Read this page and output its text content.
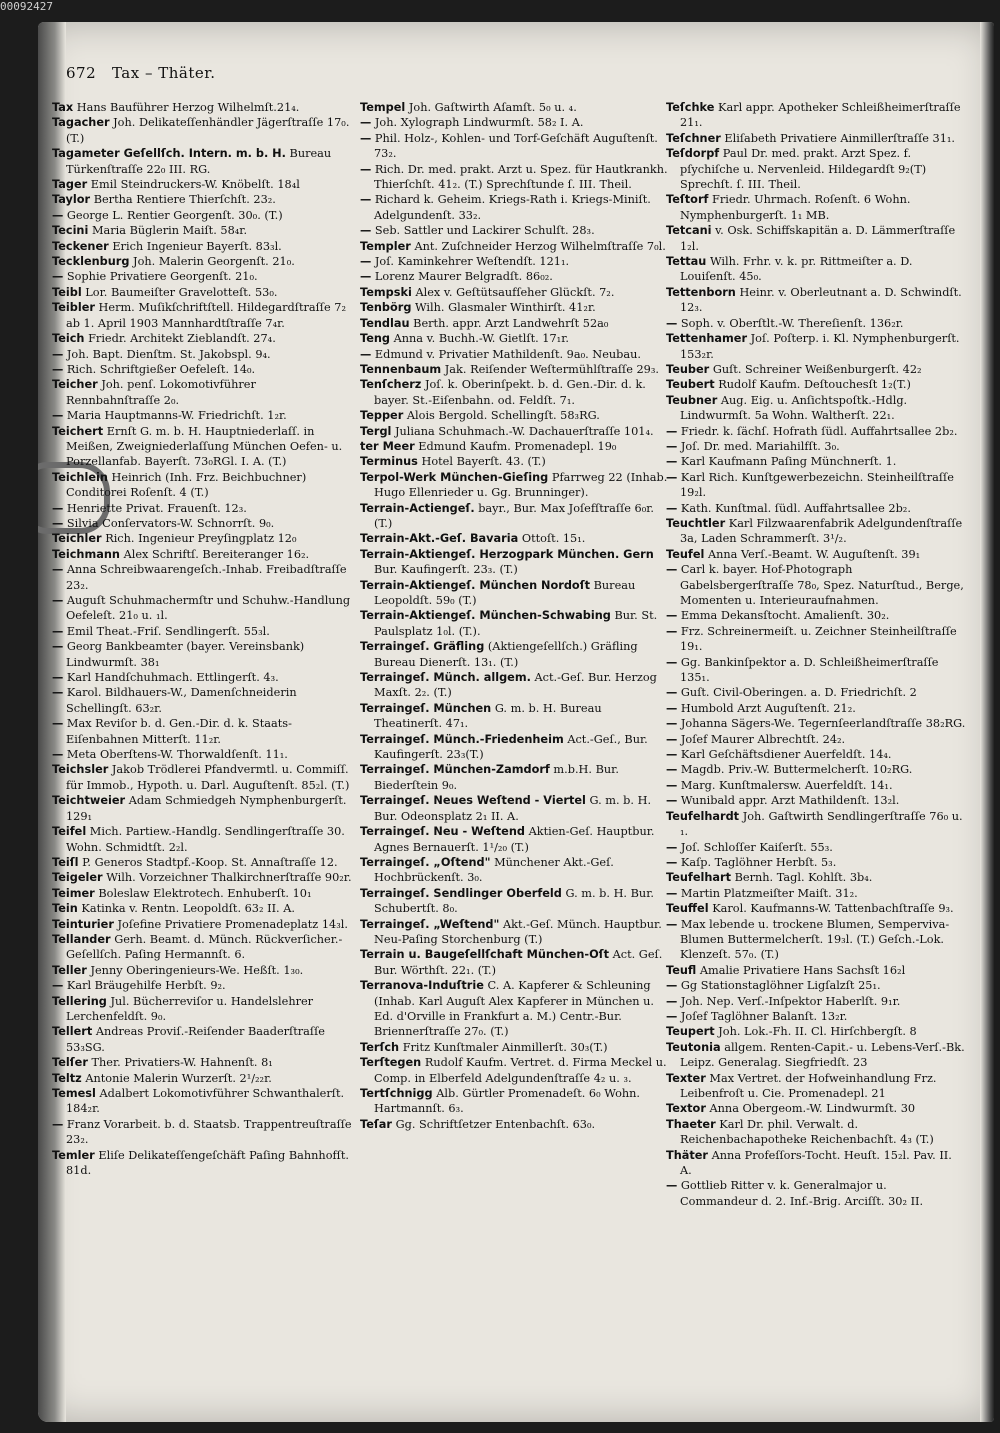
00092427
672 Tax – Thäter.

Tax Hans Bauführer Herzog Wilhelmſt.21₄.

Tagacher Joh. Delikateſſenhändler Jägerſtraſſe 17₀. (T.)

Tagameter Geſellſch. Intern. m. b. H. Bureau Türkenſtraſſe 22₀ III. RG.

Tager Emil Steindruckers-W. Knöbelſt. 18₄l

Taylor Bertha Rentiere Thierſchſt. 23₂.

— George L. Rentier Georgenſt. 30₀. (T.)

Tecini Maria Büglerin Maiſt. 58₄r.

Teckener Erich Ingenieur Bayerſt. 83₃l.

Tecklenburg Joh. Malerin Georgenſt. 21₀.

— Sophie Privatiere Georgenſt. 21₀.

Teibl Lor. Baumeiſter Gravelotteſt. 53₀.

Teibler Herm. Muſikſchriftſtell. Hildegardſtraſſe 7₂ ab 1. April 1903 Mannhardtſtraſſe 7₄r.

Teich Friedr. Architekt Zieblandſt. 27₄.

— Joh. Bapt. Dienſtm. St. Jakobspl. 9₄.

— Rich. Schriftgießer Oefeleſt. 14₀.

Teicher Joh. penſ. Lokomotivführer Rennbahnſtraſſe 2₀.

— Maria Hauptmanns-W. Friedrichſt. 1₂r.

Teichert Ernſt G. m. b. H. Hauptniederlaſſ. in Meißen, Zweigniederlaſſung München Oefen- u. Porzellanfab. Bayerſt. 73₀RGl. I. A. (T.)

Teichlein Heinrich (Inh. Frz. Beichbuchner) Conditorei Roſenſt. 4 (T.)

— Henriette Privat. Frauenſt. 12₃.

— Silvia Conſervators-W. Schnorrſt. 9₀.

Teichler Rich. Ingenieur Preyſingplatz 12₀

Teichmann Alex Schriftſ. Bereiteranger 16₂.

— Anna Schreibwaarengeſch.-Inhab. Freibadſtraſſe 23₂.

— Auguſt Schuhmachermſtr und Schuhw.-Handlung Oefeleſt. 21₀ u. ₁l.

— Emil Theat.-Friſ. Sendlingerſt. 55₃l.

— Georg Bankbeamter (bayer. Vereinsbank) Lindwurmſt. 38₁

— Karl Handſchuhmach. Ettlingerſt. 4₃.

— Karol. Bildhauers-W., Damenſchneiderin Schellingſt. 63₂r.

— Max Reviſor b. d. Gen.-Dir. d. k. Staats-Eiſenbahnen Mitterſt. 11₂r.

— Meta Oberſtens-W. Thorwaldſenſt. 11₁.

Teichsler Jakob Trödlerei Pfandvermtl. u. Commiſſ. für Immob., Hypoth. u. Darl. Auguſtenſt. 85₂l. (T.)

Teichtweier Adam Schmiedgeh Nymphenburgerſt. 129₁

Teifel Mich. Partiew.-Handlg. Sendlingerſtraſſe 30. Wohn. Schmidtſt. 2₂l.

Teiſl P. Generos Stadtpf.-Koop. St. Annaſtraſſe 12.

Teigeler Wilh. Vorzeichner Thalkirchnerſtraſſe 90₂r.

Teimer Boleslaw Elektrotech. Enhuberſt. 10₁

Tein Katinka v. Rentn. Leopoldſt. 63₂ II. A.

Teinturier Joſefine Privatiere Promenadeplatz 14₃l.

Tellander Gerh. Beamt. d. Münch. Rückverſicher.-Geſellſch. Paſing Hermannſt. 6.

Teller Jenny Oberingenieurs-We. Heßſt. 1₃₀.

— Karl Bräugehilfe Herbſt. 9₂.

Tellering Jul. Bücherreviſor u. Handelslehrer Lerchenfeldſt. 9₀.

Tellert Andreas Proviſ.-Reiſender Baaderſtraſſe 53₃SG.

Telſer Ther. Privatiers-W. Hahnenſt. 8₁

Teltz Antonie Malerin Wurzerſt. 2¹/₂₂r.

Temesl Adalbert Lokomotivführer Schwanthalerſt. 184₂r.

— Franz Vorarbeit. b. d. Staatsb. Trappentreuſtraſſe 23₂.

Temler Eliſe Delikateſſengeſchäft Paſing Bahnhofſt. 81d.

Tempel Joh. Gaſtwirth Aſamſt. 5₀ u. ₄.

— Joh. Xylograph Lindwurmſt. 58₂ I. A.

— Phil. Holz-, Kohlen- und Torf-Geſchäft Auguſtenſt. 73₂.

— Rich. Dr. med. prakt. Arzt u. Spez. für Hautkrankh. Thierſchſt. 41₂. (T.) Sprechſtunde ſ. III. Theil.

— Richard k. Geheim. Kriegs-Rath i. Kriegs-Miniſt. Adelgundenſt. 33₂.

— Seb. Sattler und Lackirer Schulſt. 28₃.

Templer Ant. Zuſchneider Herzog Wilhelmſtraſſe 7₀l.

— Joſ. Kaminkehrer Weſtendſt. 121₁.

— Lorenz Maurer Belgradſt. 86₀₂.

Tempski Alex v. Geſtütsaufſeher Glückſt. 7₂.

Tenbörg Wilh. Glasmaler Winthirſt. 41₂r.

Tendlau Berth. appr. Arzt Landwehrſt 52a₀

Teng Anna v. Buchh.-W. Gietlſt. 17₁r.

— Edmund v. Privatier Mathildenſt. 9a₀. Neubau.

Tennenbaum Jak. Reiſender Weſtermühlſtraſſe 29₃.

Tenſcherz Joſ. k. Oberinſpekt. b. d. Gen.-Dir. d. k. bayer. St.-Eiſenbahn. od. Feldſt. 7₁.

Tepper Alois Bergold. Schellingſt. 58₃RG.

Tergl Juliana Schuhmach.-W. Dachauerſtraſſe 101₄.

ter Meer Edmund Kaufm. Promenadepl. 19₀

Terminus Hotel Bayerſt. 43. (T.)

Terpol-Werk München-Gieſing Pfarrweg 22 (Inhab. Hugo Ellenrieder u. Gg. Brunninger).

Terrain-Actiengeſ. bayr., Bur. Max Joſefſtraſſe 6₀r. (T.)

Terrain-Akt.-Geſ. Bavaria Ottoſt. 15₁.

Terrain-Aktiengeſ. Herzogpark München. Gern Bur. Kaufingerſt. 23₃. (T.)

Terrain-Aktiengeſ. München Nordoſt Bureau Leopoldſt. 59₀ (T.)

Terrain-Aktiengeſ. München-Schwabing Bur. St. Paulsplatz 1₀l. (T.).

Terraingeſ. Gräfling (Aktiengeſellſch.) Gräfling Bureau Dienerſt. 13₁. (T.)

Terraingeſ. Münch. allgem. Act.-Geſ. Bur. Herzog Maxſt. 2₂. (T.)

Terraingeſ. München G. m. b. H. Bureau Theatinerſt. 47₁.

Terraingeſ. Münch.-Friedenheim Act.-Geſ., Bur. Kaufingerſt. 23₃(T.)

Terraingeſ. München-Zamdorf m.b.H. Bur. Biederſtein 9₀.

Terraingeſ. Neues Weſtend - Viertel G. m. b. H. Bur. Odeonsplatz 2₁ II. A.

Terraingeſ. Neu - Weſtend Aktien-Geſ. Hauptbur. Agnes Bernauerſt. 1¹/₂₀ (T.)

Terraingeſ. „Oſtend" Münchener Akt.-Geſ. Hochbrückenſt. 3₀.

Terraingeſ. Sendlinger Oberfeld G. m. b. H. Bur. Schubertſt. 8₀.

Terraingeſ. „Weſtend" Akt.-Geſ. Münch. Hauptbur. Neu-Paſing Storchenburg (T.)

Terrain u. Baugeſellſchaft München-Oſt Act. Geſ. Bur. Wörthſt. 22₁. (T.)

Terranova-Induſtrie C. A. Kapferer & Schleuning (Inhab. Karl Auguſt Alex Kapferer in München u. Ed. d'Orville in Frankfurt a. M.) Centr.-Bur. Briennerſtraſſe 27₀. (T.)

Terſch Fritz Kunſtmaler Ainmillerſt. 30₃(T.)

Terſtegen Rudolf Kaufm. Vertret. d. Firma Meckel u. Comp. in Elberfeld Adelgundenſtraſſe 4₂ u. ₃.

Tertſchnigg Alb. Gürtler Promenadeſt. 6₀ Wohn. Hartmannſt. 6₃.

Teſar Gg. Schriftſetzer Entenbachſt. 63₀.

Teſchke Karl appr. Apotheker Schleißheimerſtraſſe 21₁.

Teſchner Eliſabeth Privatiere Ainmillerſtraſſe 31₁.

Teſdorpf Paul Dr. med. prakt. Arzt Spez. f. pſychiſche u. Nervenleid. Hildegardſt 9₂(T) Sprechſt. ſ. III. Theil.

Teſtorf Friedr. Uhrmach. Roſenſt. 6 Wohn. Nymphenburgerſt. 1₁ MB.

Tetcani v. Osk. Schiffskapitän a. D. Lämmerſtraſſe 1₂l.

Tettau Wilh. Frhr. v. k. pr. Rittmeiſter a. D. Louiſenſt. 45₀.

Tettenborn Heinr. v. Oberleutnant a. D. Schwindſt. 12₃.

— Soph. v. Oberſtlt.-W. Thereſienſt. 136₂r.

Tettenhamer Joſ. Poſterp. i. Kl. Nymphenburgerſt. 153₂r.

Teuber Guſt. Schreiner Weißenburgerſt. 42₂

Teubert Rudolf Kaufm. Deſtouchesſt 1₂(T.)

Teubner Aug. Eig. u. Anſichtspoſtk.-Hdlg. Lindwurmſt. 5a Wohn. Waltherſt. 22₁.

— Friedr. k. ſächſ. Hofrath ſüdl. Auffahrtsallee 2b₂.

— Joſ. Dr. med. Mariahilfſt. 3₀.

— Karl Kaufmann Paſing Münchnerſt. 1.

— Karl Rich. Kunſtgewerbezeichn. Steinheilſtraſſe 19₂l.

— Kath. Kunſtmal. ſüdl. Auffahrtsallee 2b₂.

Teuchtler Karl Filzwaarenfabrik Adelgundenſtraſſe 3a, Laden Schrammerſt. 3¹/₂.

Teufel Anna Verſ.-Beamt. W. Auguſtenſt. 39₁

— Carl k. bayer. Hof-Photograph Gabelsbergerſtraſſe 78₀, Spez. Naturſtud., Berge, Momenten u. Interieuraufnahmen.

— Emma Dekansſtocht. Amalienſt. 30₂.

— Frz. Schreinermeiſt. u. Zeichner Steinheilſtraſſe 19₁.

— Gg. Bankinſpektor a. D. Schleißheimerſtraſſe 135₁.

— Guſt. Civil-Oberingen. a. D. Friedrichſt. 2

— Humbold Arzt Auguſtenſt. 21₂.

— Johanna Sägers-We. Tegernſeerlandſtraſſe 38₂RG.

— Joſef Maurer Albrechtſt. 24₂.

— Karl Geſchäftsdiener Auerfeldſt. 14₄.

— Magdb. Priv.-W. Buttermelcherſt. 10₂RG.

— Marg. Kunſtmalersw. Auerfeldſt. 14₁.

— Wunibald appr. Arzt Mathildenſt. 13₂l.

Teufelhardt Joh. Gaſtwirth Sendlingerſtraſſe 76₀ u. ₁.

— Joſ. Schloſſer Kaiſerſt. 55₃.

— Kaſp. Taglöhner Herbſt. 5₃.

Teufelhart Bernh. Tagl. Kohlſt. 3b₄.

— Martin Platzmeiſter Maiſt. 31₂.

Teuffel Karol. Kaufmanns-W. Tattenbachſtraſſe 9₃.

— Max lebende u. trockene Blumen, Semperviva-Blumen Buttermelcherſt. 19₃l. (T.) Geſch.-Lok. Klenzeſt. 57₀. (T.)

Teufl Amalie Privatiere Hans Sachsſt 16₂l

— Gg Stationstaglöhner Ligſalzſt 25₁.

— Joh. Nep. Verſ.-Inſpektor Haberlſt. 9₁r.

— Joſef Taglöhner Balanſt. 13₂r.

Teupert Joh. Lok.-Fh. II. Cl. Hirſchbergſt. 8

Teutonia allgem. Renten-Capit.- u. Lebens-Verſ.-Bk. Leipz. Generalag. Siegfriedſt. 23

Texter Max Vertret. der Hofweinhandlung Frz. Leibenfroſt u. Cie. Promenadepl. 21

Textor Anna Obergeom.-W. Lindwurmſt. 30

Thaeter Karl Dr. phil. Verwalt. d. Reichenbachapotheke Reichenbachſt. 4₃ (T.)

Thäter Anna Profeſſors-Tocht. Heuſt. 15₂l. Pav. II. A.

— Gottlieb Ritter v. k. Generalmajor u. Commandeur d. 2. Inf.-Brig. Arciſſt. 30₂ II.
